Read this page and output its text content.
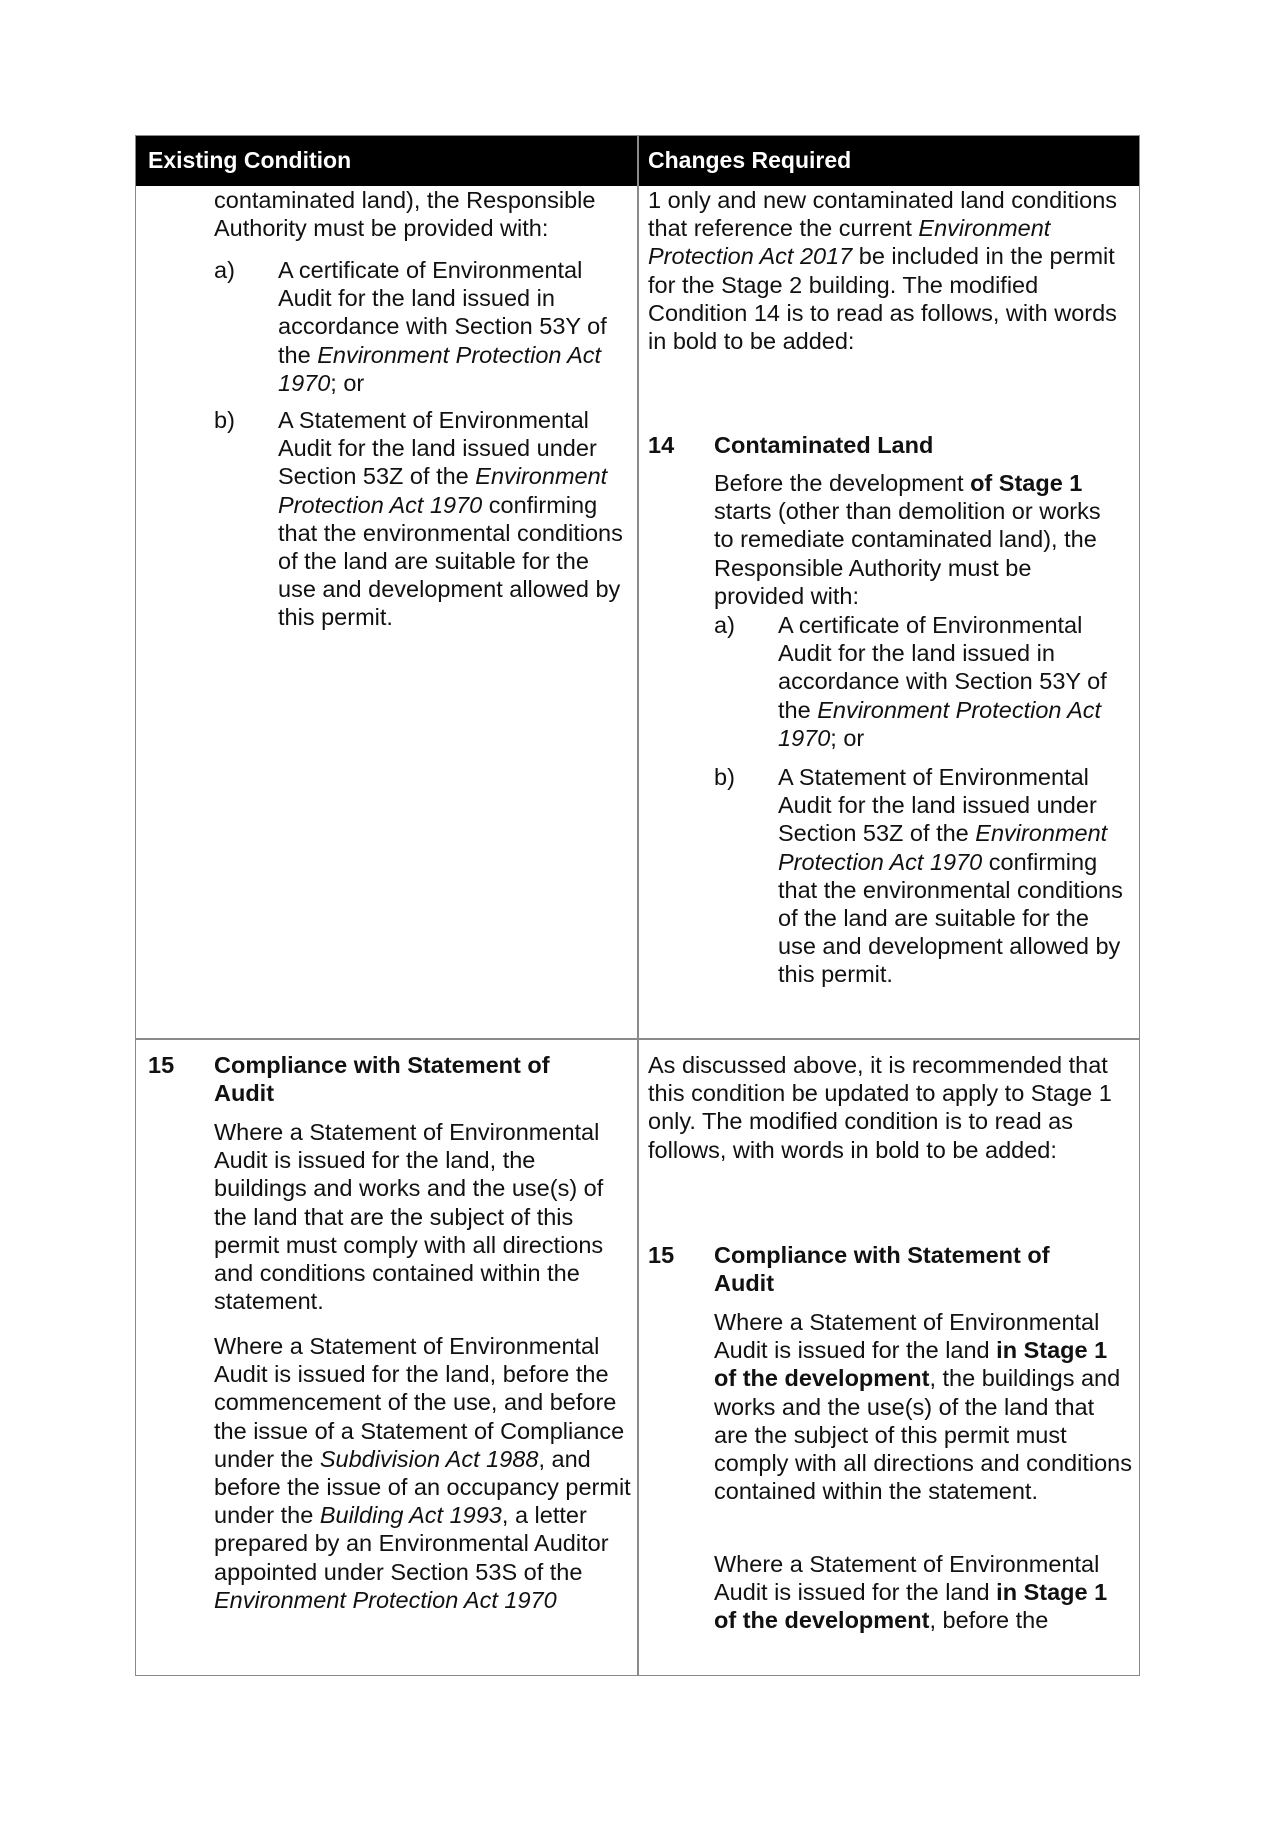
Existing Condition	Changes Required
contaminated land), the Responsible Authority must be provided with:
a) A certificate of Environmental Audit for the land issued in accordance with Section 53Y of the Environment Protection Act 1970; or
b) A Statement of Environmental Audit for the land issued under Section 53Z of the Environment Protection Act 1970 confirming that the environmental conditions of the land are suitable for the use and development allowed by this permit.
1 only and new contaminated land conditions that reference the current Environment Protection Act 2017 be included in the permit for the Stage 2 building. The modified Condition 14 is to read as follows, with words in bold to be added:
14 Contaminated Land
Before the development of Stage 1 starts (other than demolition or works to remediate contaminated land), the Responsible Authority must be provided with:
a) A certificate of Environmental Audit for the land issued in accordance with Section 53Y of the Environment Protection Act 1970; or
b) A Statement of Environmental Audit for the land issued under Section 53Z of the Environment Protection Act 1970 confirming that the environmental conditions of the land are suitable for the use and development allowed by this permit.
15 Compliance with Statement of Audit
Where a Statement of Environmental Audit is issued for the land, the buildings and works and the use(s) of the land that are the subject of this permit must comply with all directions and conditions contained within the statement.
Where a Statement of Environmental Audit is issued for the land, before the commencement of the use, and before the issue of a Statement of Compliance under the Subdivision Act 1988, and before the issue of an occupancy permit under the Building Act 1993, a letter prepared by an Environmental Auditor appointed under Section 53S of the Environment Protection Act 1970
As discussed above, it is recommended that this condition be updated to apply to Stage 1 only. The modified condition is to read as follows, with words in bold to be added:
15 Compliance with Statement of Audit
Where a Statement of Environmental Audit is issued for the land in Stage 1 of the development, the buildings and works and the use(s) of the land that are the subject of this permit must comply with all directions and conditions contained within the statement.
Where a Statement of Environmental Audit is issued for the land in Stage 1 of the development, before the
